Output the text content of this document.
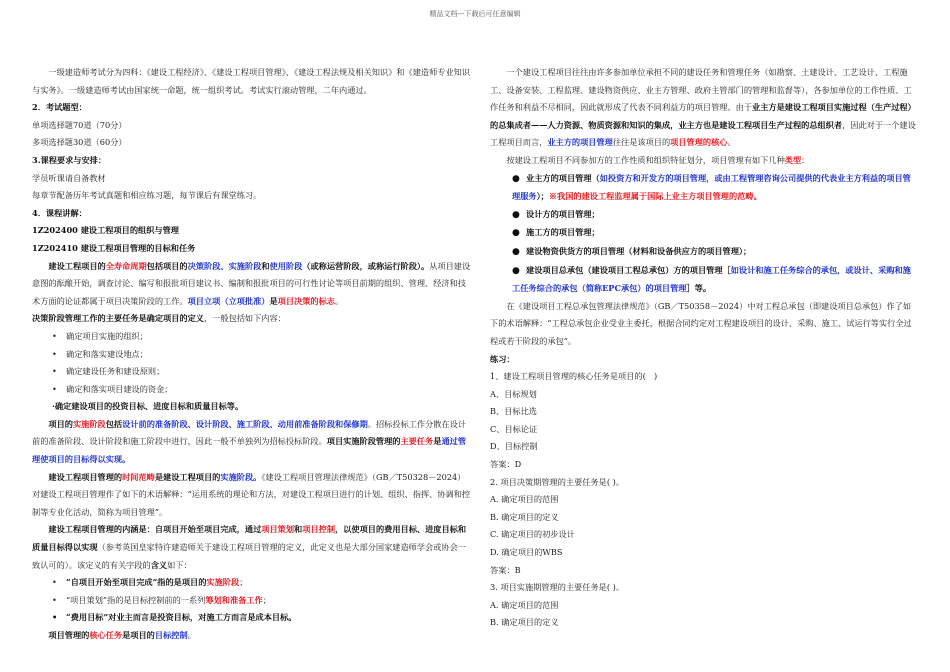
精品文档---下载后可任意编辑

一级建造师考试分为四科：《建设工程经济》、《建设工程项目管理》、《建设工程法规及相关知识》和《建造师专业知识与实务》。一级建造师考试由国家统一命题，统一组织考试。考试实行滚动管理，二年内通过。

2．考试题型：

单项选择题70道（70分）

多项选择题30道（60分）

3.课程要求与安排：

学员听课请自备教材

每章节配备历年考试真题和相应练习题，每节课后有课堂练习。

4．课程讲解：

1Z202400 建设工程项目的组织与管理

1Z202410 建设工程项目管理的目标和任务

建设工程项目的全寿命周期包括项目的决策阶段、实施阶段和使用阶段（或称运营阶段，或称运行阶段）。从项目建设意图的酝酿开始，调查讨论、编写和报批项目建议书、编制和报批项目的可行性讨论等项目前期的组织、管理、经济和技术方面的论证都属于项目决策阶段的工作。项目立项（立项批准）是项目决策的标志。

决策阶段管理工作的主要任务是确定项目的定义，一般包括如下内容：

• 确定项目实施的组织；

• 确定和落实建设地点；

• 确定建设任务和建设原则；

• 确定和落实项目建设的资金；

·确定建设项目的投资目标、进度目标和质量目标等。

项目的实施阶段包括设计前的准备阶段、设计阶段、施工阶段、动用前准备阶段和保修期。招标投标工作分散在设计前的准备阶段、设计阶段和施工阶段中进行，因此一般不单独列为招标投标阶段。项目实施阶段管理的主要任务是通过管理使项目的目标得以实现。

建设工程项目管理的时间范畴是建设工程项目的实施阶段。《建设工程项目管理法律规范》（GB／T50328－2024）对建设工程项目管理作了如下的术语解释：“运用系统的理论和方法，对建设工程项目进行的计划、组织、指挥、协调和控制等专业化活动，简称为项目管理”。

建设工程项目管理的内涵是：自项目开始至项目完成，通过项目策划和项目控制，以使项目的费用目标、进度目标和质量目标得以实现（参考英国皇家特许建造师关于建设工程项目管理的定义，此定义也是大部分国家建造师学会或协会一致认可的）。该定义的有关字段的含义如下：

• “自项目开始至项目完成”指的是项目的实施阶段；

• “项目策划”指的是目标控制前的一系列筹划和准备工作；

• “费用目标”对业主而言是投资目标，对施工方而言是成本目标。

项目管理的核心任务是项目的目标控制。

一个建设工程项目往往由许多参加单位承担不同的建设任务和管理任务（如勘察、土建设计、工艺设计、工程施工、设备安装、工程监理、建设物资供应、业主方管理、政府主管部门的管理和监督等），各参加单位的工作性质、工作任务和利益不尽相同，因此就形成了代表不同利益方的项目管理。由于业主方是建设工程项目实施过程（生产过程）的总集成者——人力资源、物质资源和知识的集成，业主方也是建设工程项目生产过程的总组织者，因此对于一个建设工程项目而言，业主方的项目管理往往是该项目的项目管理的核心。

按建设工程项目不同参加方的工作性质和组织特征划分，项目管理有如下几种类型：

● 业主方的项目管理（如投资方和开发方的项目管理，或由工程管理咨询公司提供的代表业主方利益的项目管理服务）；※我国的建设工程监理属于国际上业主方项目管理的范畴。

● 设计方的项目管理；

● 施工方的项目管理；

● 建设物资供货方的项目管理（材料和设备供应方的项目管理）；

● 建设项目总承包（建设项目工程总承包）方的项目管理［如设计和施工任务综合的承包，或设计、采购和施工任务综合的承包（简称EPC承包）的项目管理］等。

在《建设项目工程总承包管理法律规范》（GB／T50358－2024）中对工程总承包（即建设项目总承包）作了如下的术语解释：“工程总承包企业受业主委托，根据合同约定对工程建设项目的设计、采购、施工、试运行等实行全过程或若干阶段的承包”。

练习：

1、建设工程项目管理的核心任务是项目的(　)

A、目标规划

B、目标比选

C、目标论证

D、目标控制

答案：D

2. 项目决策期管理的主要任务是( )。

A. 确定项目的范围

B. 确定项目的定义

C. 确定项目的初步设计

D. 确定项目的WBS

答案：B

3. 项目实施期管理的主要任务是( )。

A. 确定项目的范围

B. 确定项目的定义
